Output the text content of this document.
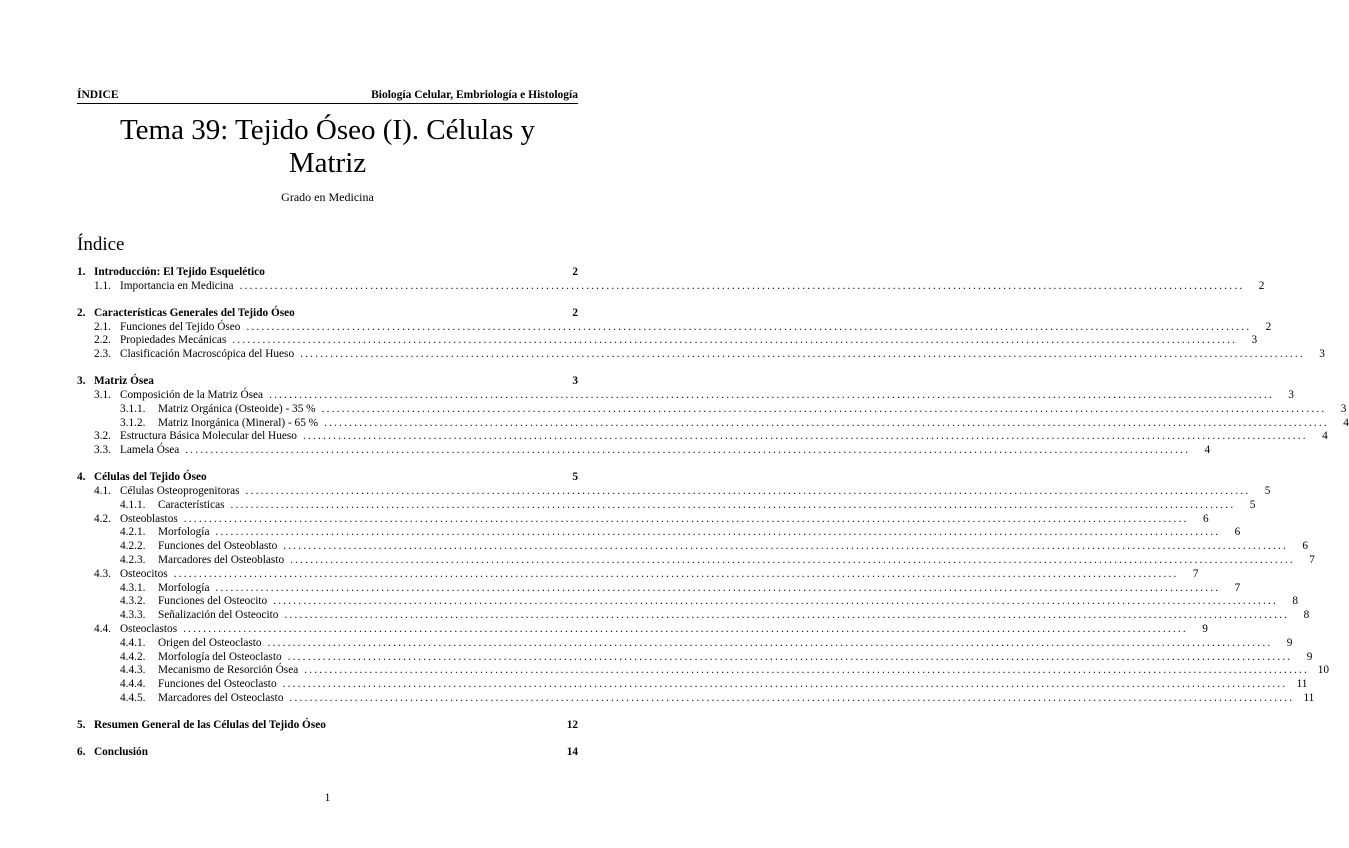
ÍNDICE	Biología Celular, Embriología e Histología
Tema 39: Tejido Óseo (I). Células y
Matriz
Grado en Medicina
Índice
1. Introducción: El Tejido Esquelético	2
1.1. Importancia en Medicina ........................................................................................................................................................................................................	2
2. Características Generales del Tejido Óseo	2
2.1. Funciones del Tejido Óseo ........................................................................................................................................................................................................	2
2.2. Propiedades Mecánicas ........................................................................................................................................................................................................	3
2.3. Clasificación Macroscópica del Hueso ........................................................................................................................................................................................................	3
3. Matriz Ósea	3
3.1. Composición de la Matriz Ósea ........................................................................................................................................................................................................	3
3.1.1.	Matriz Orgánica (Osteoide) - 35 % ........................................................................................................................................................................................................	3
3.1.2.	Matriz Inorgánica (Mineral) - 65 % ........................................................................................................................................................................................................	4
3.2. Estructura Básica Molecular del Hueso ........................................................................................................................................................................................................	4
3.3. Lamela Ósea ........................................................................................................................................................................................................	4
4. Células del Tejido Óseo	5
4.1. Células Osteoprogenitoras ........................................................................................................................................................................................................	5
4.1.1.	Características ........................................................................................................................................................................................................	5
4.2. Osteoblastos ........................................................................................................................................................................................................	6
4.2.1.	Morfología ........................................................................................................................................................................................................	6
4.2.2.	Funciones del Osteoblasto ........................................................................................................................................................................................................	6
4.2.3.	Marcadores del Osteoblasto ........................................................................................................................................................................................................	7
4.3. Osteocitos ........................................................................................................................................................................................................	7
4.3.1.	Morfología ........................................................................................................................................................................................................	7
4.3.2.	Funciones del Osteocito ........................................................................................................................................................................................................	8
4.3.3.	Señalización del Osteocito ........................................................................................................................................................................................................	8
4.4. Osteoclastos ........................................................................................................................................................................................................	9
4.4.1.	Origen del Osteoclasto ........................................................................................................................................................................................................	9
4.4.2.	Morfología del Osteoclasto ........................................................................................................................................................................................................	9
4.4.3.	Mecanismo de Resorción Ósea ........................................................................................................................................................................................................ 10
4.4.4.	Funciones del Osteoclasto ........................................................................................................................................................................................................ 11
4.4.5.	Marcadores del Osteoclasto ........................................................................................................................................................................................................ 11
5. Resumen General de las Células del Tejido Óseo	12
6. Conclusión	14
1
